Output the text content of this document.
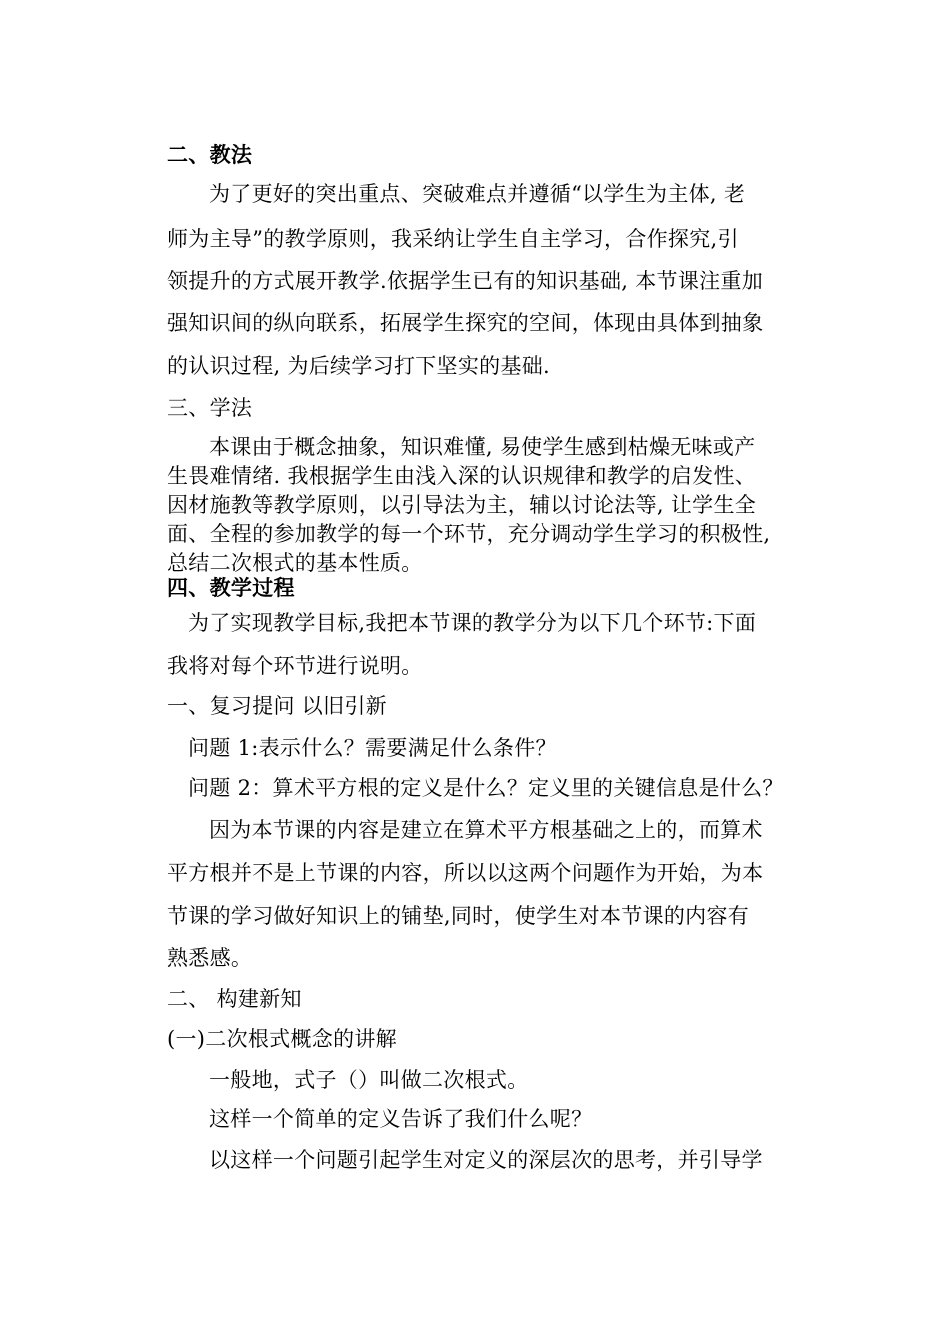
二、教法
为了更好的突出重点、突破难点并遵循“以学生为主体, 老
师为主导”的教学原则，我采纳让学生自主学习，合作探究,引
领提升的方式展开教学.依据学生已有的知识基础, 本节课注重加
强知识间的纵向联系，拓展学生探究的空间，体现由具体到抽象
的认识过程, 为后续学习打下坚实的基础.
三、学法
本课由于概念抽象，知识难懂, 易使学生感到枯燥无味或产
生畏难情绪. 我根据学生由浅入深的认识规律和教学的启发性、
因材施教等教学原则，以引导法为主，辅以讨论法等, 让学生全
面、全程的参加教学的每一个环节，充分调动学生学习的积极性,
总结二次根式的基本性质。
四、教学过程
为了实现教学目标,我把本节课的教学分为以下几个环节:下面
我将对每个环节进行说明。
一、复习提问 以旧引新
问题 1:表示什么？需要满足什么条件？
问题 2：算术平方根的定义是什么？定义里的关键信息是什么？
因为本节课的内容是建立在算术平方根基础之上的，而算术
平方根并不是上节课的内容，所以以这两个问题作为开始，为本
节课的学习做好知识上的铺垫,同时，使学生对本节课的内容有
熟悉感。
二、 构建新知
(一)二次根式概念的讲解
一般地，式子（）叫做二次根式。
这样一个简单的定义告诉了我们什么呢？
以这样一个问题引起学生对定义的深层次的思考，并引导学
